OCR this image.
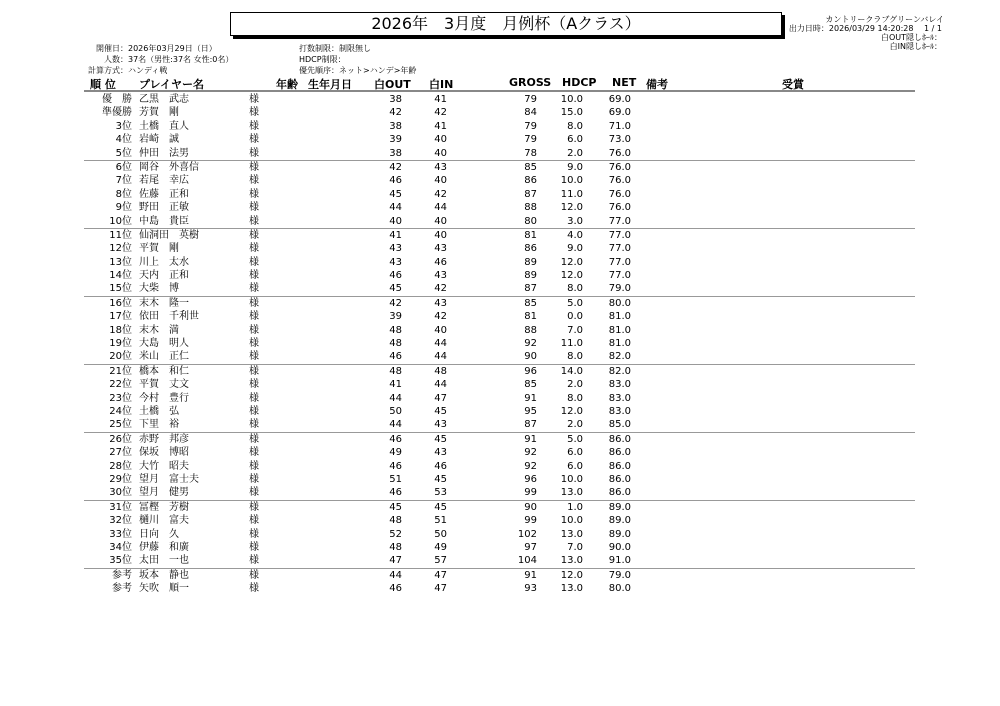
2026年　3月度　月例杯（Aクラス）	カントリークラブグリーンバレイ
出力日時：2026/03/29 14:20:28　 1 / 1
白OUT隠しﾎｰﾙ：
白IN隠しﾎｰﾙ：
開催日：2026年03月29日（日）
人数：37名（男性:37名 女性:0名）
計算方式：ハンディ戦
打数制限：制限無し
HDCP制限：
優先順序：ネット>ハンデ>年齢
順 位 プレイヤー名	年齢 生年月日 白OUT 白IN	GROSS HDCP NET 備考	受賞
優　勝 乙黒　武志	様	38	41	79 10.0	69.0
準優勝 芳賀　剛	様	42	42	84 15.0	69.0
3位 土橋　直人	様	38	41	79	8.0	71.0
4位 岩崎　誠	様	39	40	79	6.0	73.0
5位 仲田　法男	様	38	40	78	2.0	76.0
6位 岡谷　外喜信	様	42	43	85	9.0	76.0
7位 若尾　幸広	様	46	40	86 10.0	76.0
8位 佐藤　正和	様	45	42	87 11.0	76.0
9位 野田　正敏	様	44	44	88 12.0	76.0
10位 中島　貴臣	様	40	40	80	3.0	77.0
11位 仙洞田　英樹	様	41	40	81	4.0	77.0
12位 平賀　剛	様	43	43	86	9.0	77.0
13位 川上　太水	様	43	46	89 12.0	77.0
14位 天内　正和	様	46	43	89 12.0	77.0
15位 大柴　博	様	45	42	87	8.0	79.0
16位 末木　隆一	様	42	43	85	5.0	80.0
17位 依田　千利世	様	39	42	81	0.0	81.0
18位 末木　満	様	48	40	88	7.0	81.0
19位 大島　明人	様	48	44	92 11.0	81.0
20位 米山　正仁	様	46	44	90	8.0	82.0
21位 橋本　和仁	様	48	48	96 14.0	82.0
22位 平賀　丈文	様	41	44	85	2.0	83.0
23位 今村　豊行	様	44	47	91	8.0	83.0
24位 土橋　弘	様	50	45	95 12.0	83.0
25位 下里　裕	様	44	43	87	2.0	85.0
26位 赤野　邦彦	様	46	45	91	5.0	86.0
27位 保坂　博昭	様	49	43	92	6.0	86.0
28位 大竹　昭夫	様	46	46	92	6.0	86.0
29位 望月　富士夫	様	51	45	96 10.0	86.0
30位 望月　健男	様	46	53	99 13.0	86.0
31位 冨樫　芳樹	様	45	45	90	1.0	89.0
32位 樋川　富夫	様	48	51	99 10.0	89.0
33位 日向　久	様	52	50	102 13.0	89.0
34位 伊藤　和廣	様	48	49	97	7.0	90.0
35位 太田　一也	様	47	57	104 13.0	91.0
参考 坂本　静也	様	44	47	91 12.0	79.0
参考 矢吹　順一	様	46	47	93 13.0	80.0
